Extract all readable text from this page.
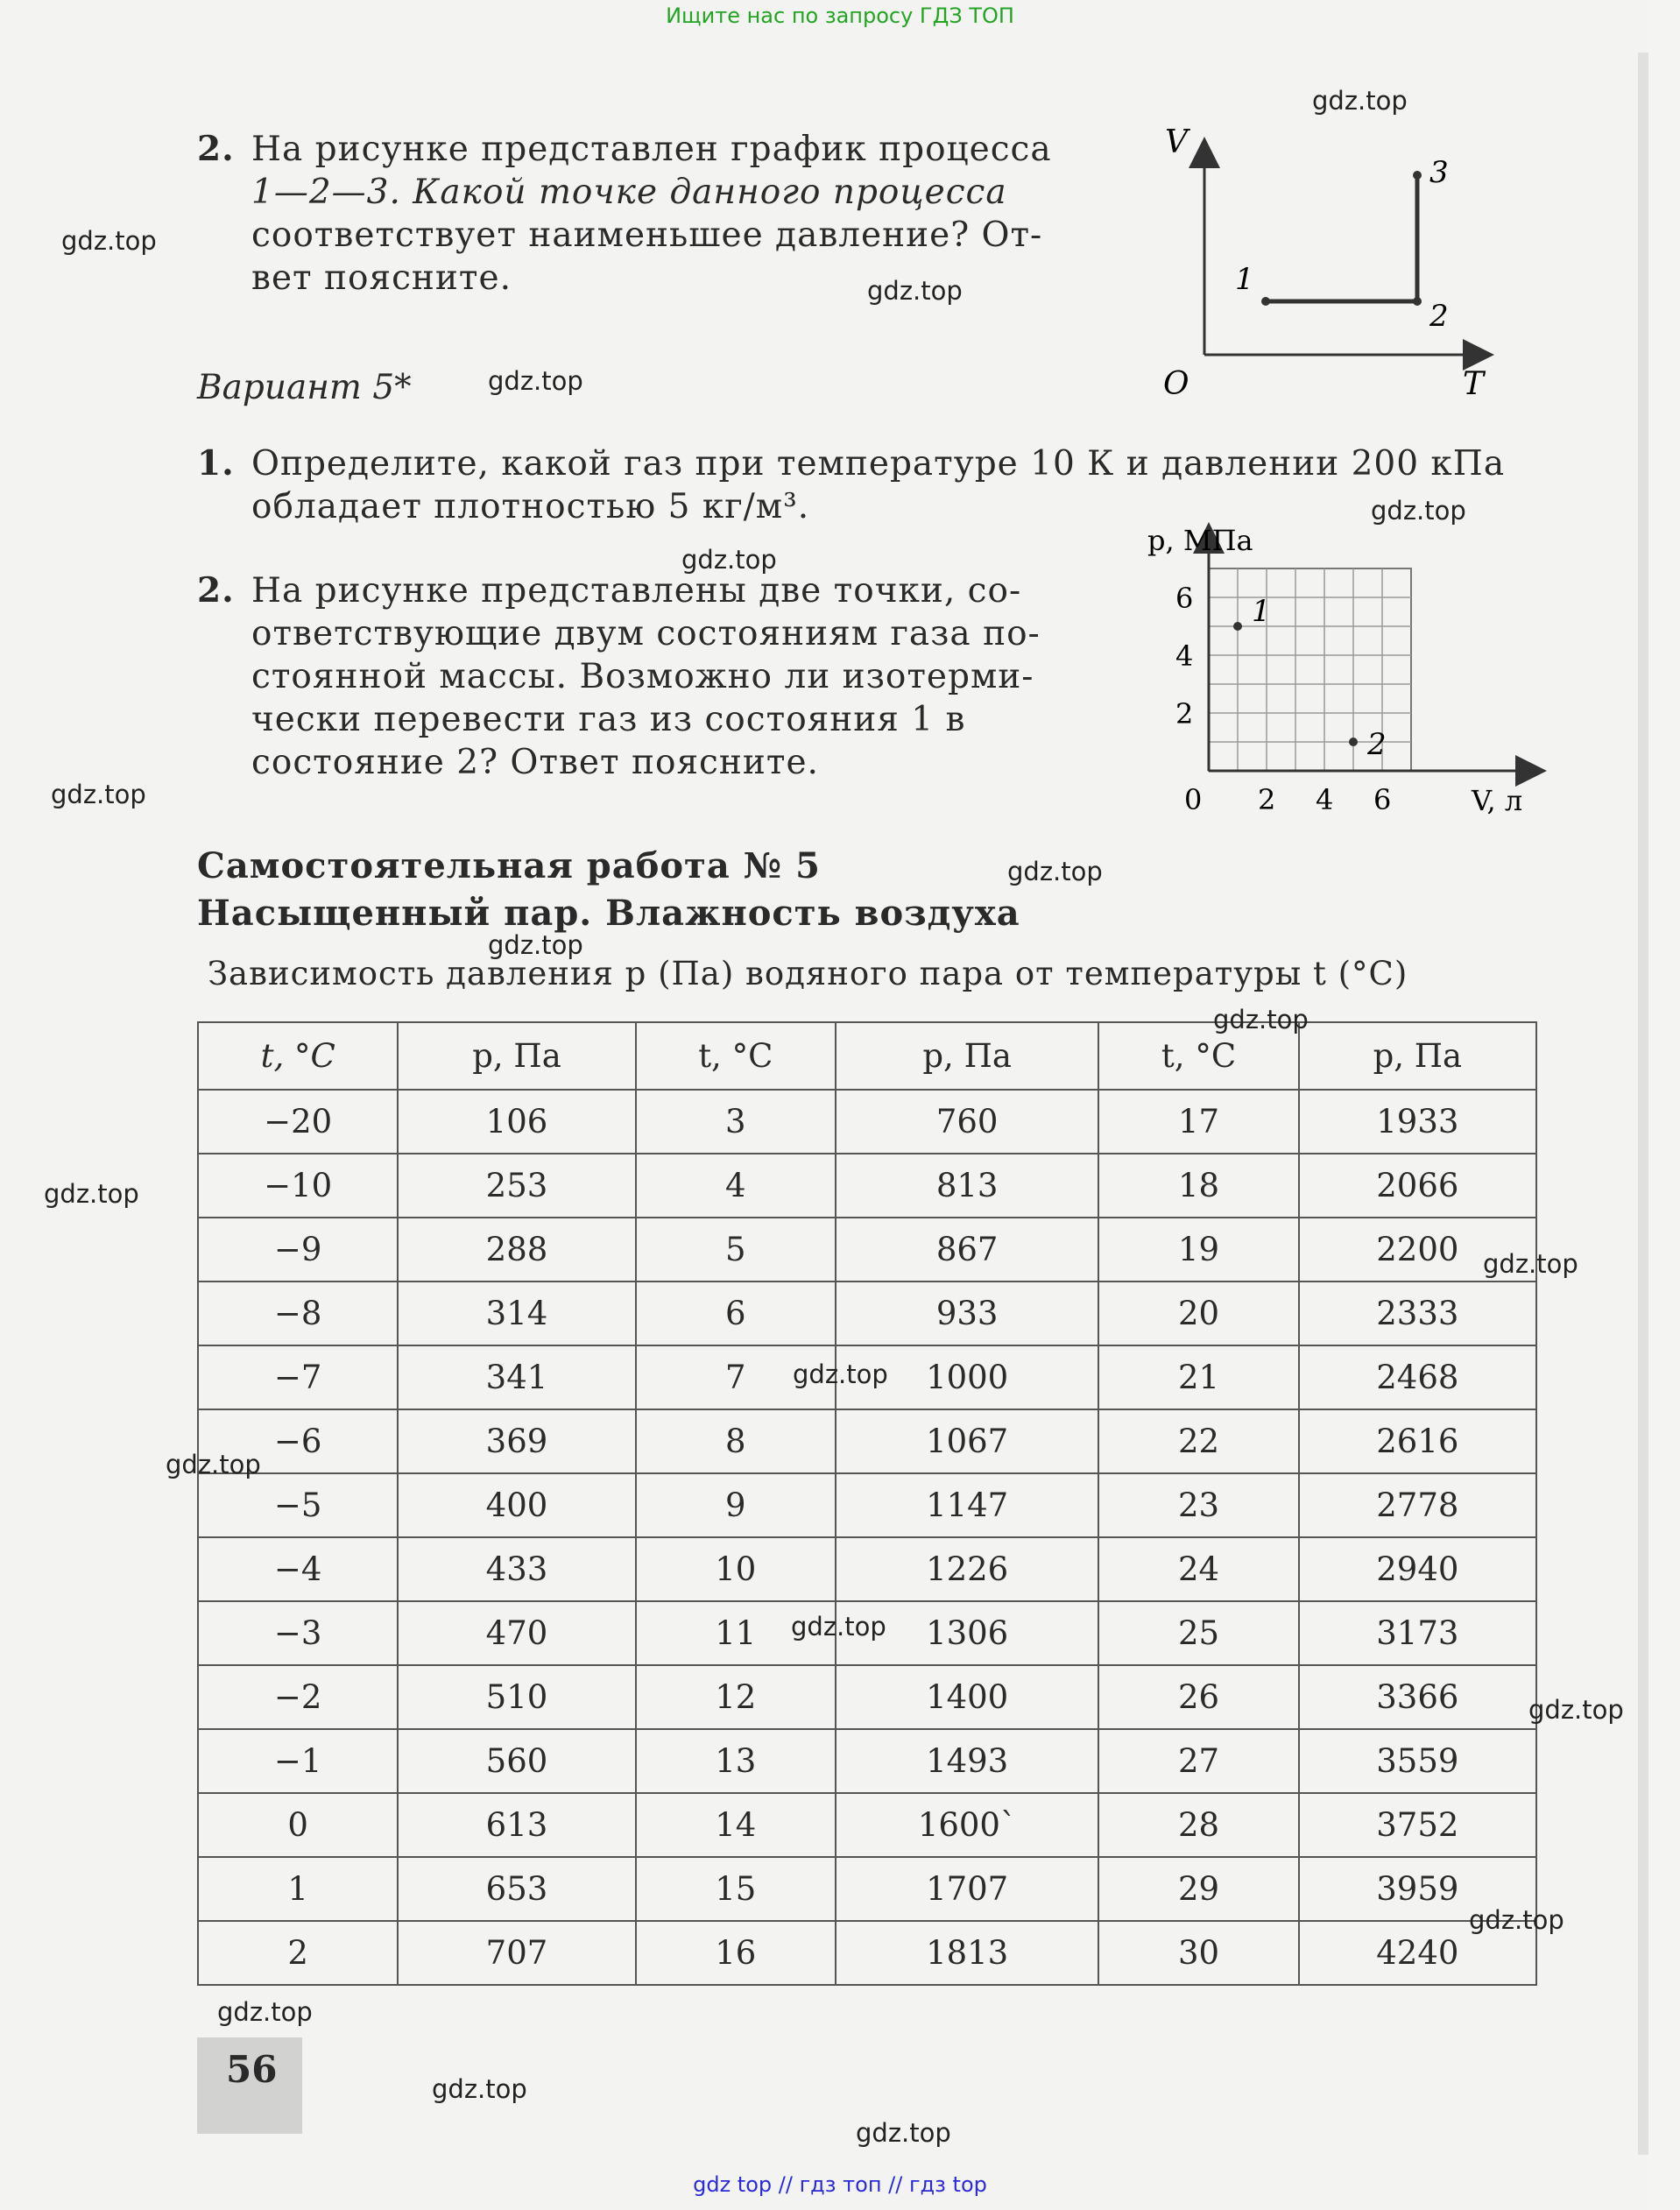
Ищите нас по запросу ГДЗ ТОП
2. На рисунке представлен график процесса
1—2—3. Какой точке данного процесса
соответствует наименьшее давление? От-
вет поясните.
V
T
O
1
2
3
Вариант 5*
1. Определите, какой газ при температуре 10 К и давлении 200 кПа
обладает плотностью 5 кг/м³.
2. На рисунке представлены две точки, со-
ответствующие двум состояниям газа по-
стоянной массы. Возможно ли изотерми-
чески перевести газ из состояния 1 в
состояние 2? Ответ поясните.
p, МПа
V, л
0 2 4 6
2
4
6 1
2
Самостоятельная работа № 5
Насыщенный пар. Влажность воздуха
Зависимость давления p (Па) водяного пара от температуры t (°С)
t, °С	p, Па	t, °С	p, Па	t, °С	p, Па
−20	106	3	760	17	1933
−10	253	4	813	18	2066
−9	288	5	867	19	2200
−8	314	6	933	20	2333
−7	341	7	1000	21	2468
−6	369	8	1067	22	2616
−5	400	9	1147	23	2778
−4	433	10	1226	24	2940
−3	470	11	1306	25	3173
−2	510	12	1400	26	3366
−1	560	13	1493	27	3559
0	613	14	1600`	28	3752
1	653	15	1707	29	3959
2	707	16	1813	30	4240
56
gdz.top
gdz.top
gdz.top
gdz.top
gdz.top
gdz.top
gdz.top
gdz.top
gdz.top
gdz.top
gdz.top
gdz.top
gdz.top
gdz.top
gdz.top
gdz.top
gdz.top
gdz.top
gdz.top
gdz.top
gdz top // гдз топ // гдз top
